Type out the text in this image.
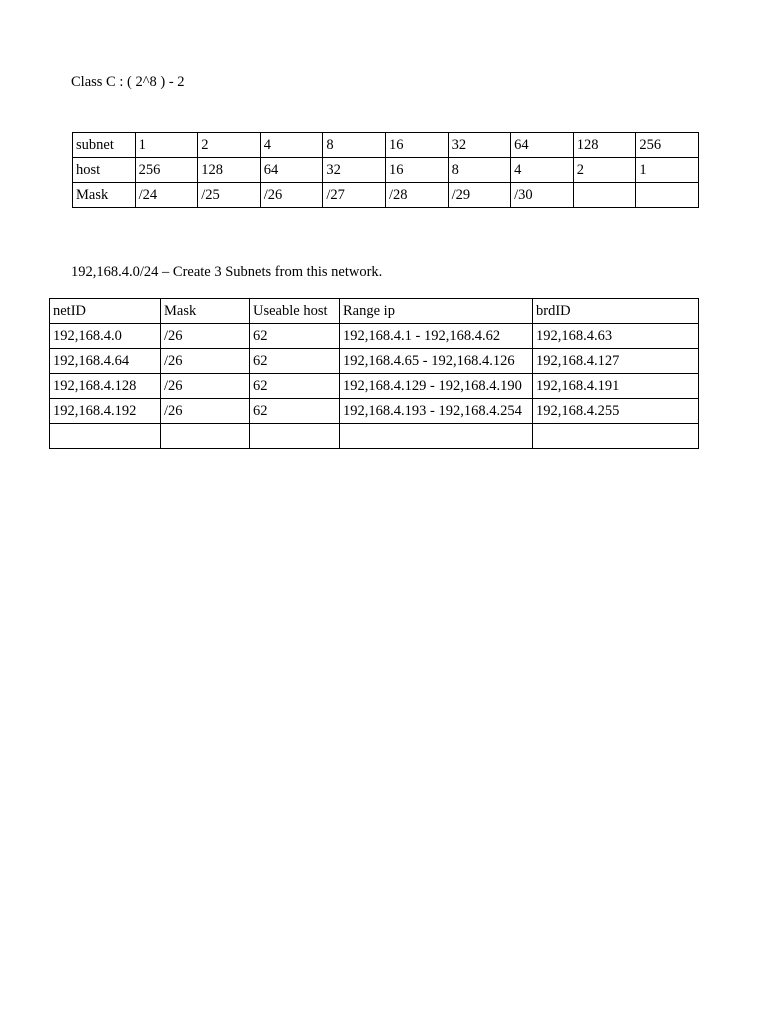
Class C : ( 2^8 ) - 2
subnet	1	2	4	8	16	32	64	128	256
host	256	128	64	32	16	8	4	2	1
Mask	/24	/25	/26	/27	/28	/29	/30		
192,168.4.0/24 – Create 3 Subnets from this network.
netID	Mask	Useable host	Range ip	brdID
192,168.4.0	/26	62	192,168.4.1 - 192,168.4.62	192,168.4.63
192,168.4.64	/26	62	192,168.4.65 - 192,168.4.126	192,168.4.127
192,168.4.128	/26	62	192,168.4.129 - 192,168.4.190	192,168.4.191
192,168.4.192	/26	62	192,168.4.193 - 192,168.4.254	192,168.4.255
